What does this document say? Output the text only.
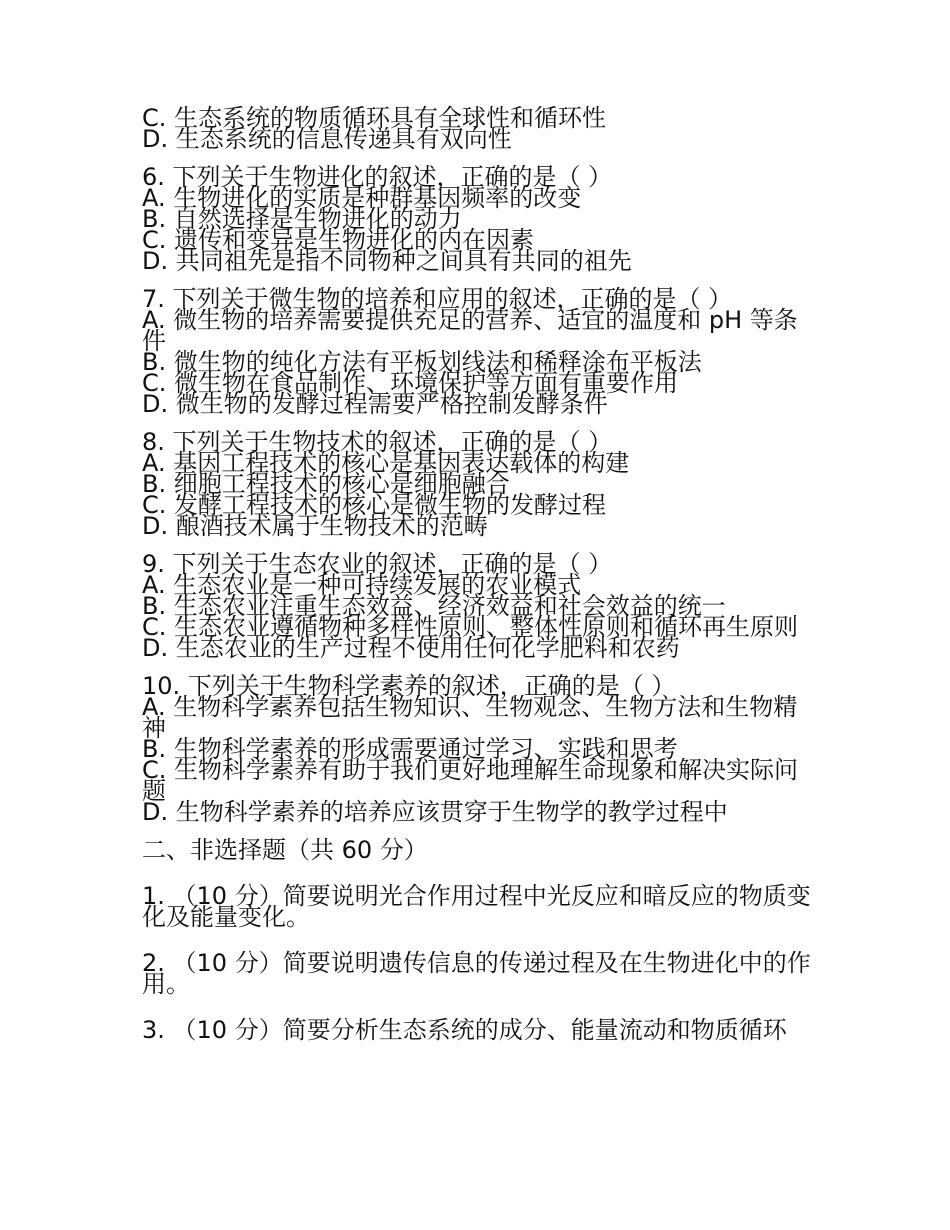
C. 生态系统的物质循环具有全球性和循环性
D. 生态系统的信息传递具有双向性
6. 下列关于生物进化的叙述，正确的是（ ）
A. 生物进化的实质是种群基因频率的改变
B. 自然选择是生物进化的动力
C. 遗传和变异是生物进化的内在因素
D. 共同祖先是指不同物种之间具有共同的祖先
7. 下列关于微生物的培养和应用的叙述，正确的是（ ）
A. 微生物的培养需要提供充足的营养、适宜的温度和 pH 等条件
B. 微生物的纯化方法有平板划线法和稀释涂布平板法
C. 微生物在食品制作、环境保护等方面有重要作用
D. 微生物的发酵过程需要严格控制发酵条件
8. 下列关于生物技术的叙述，正确的是（ ）
A. 基因工程技术的核心是基因表达载体的构建
B. 细胞工程技术的核心是细胞融合
C. 发酵工程技术的核心是微生物的发酵过程
D. 酿酒技术属于生物技术的范畴
9. 下列关于生态农业的叙述，正确的是（ ）
A. 生态农业是一种可持续发展的农业模式
B. 生态农业注重生态效益、经济效益和社会效益的统一
C. 生态农业遵循物种多样性原则、整体性原则和循环再生原则
D. 生态农业的生产过程不使用任何化学肥料和农药
10. 下列关于生物科学素养的叙述，正确的是（ ）
A. 生物科学素养包括生物知识、生物观念、生物方法和生物精神
B. 生物科学素养的形成需要通过学习、实践和思考
C. 生物科学素养有助于我们更好地理解生命现象和解决实际问题
D. 生物科学素养的培养应该贯穿于生物学的教学过程中
二、非选择题（共 60 分）
1. （10 分）简要说明光合作用过程中光反应和暗反应的物质变化及能量变化。
2. （10 分）简要说明遗传信息的传递过程及在生物进化中的作用。
3. （10 分）简要分析生态系统的成分、能量流动和物质循环
